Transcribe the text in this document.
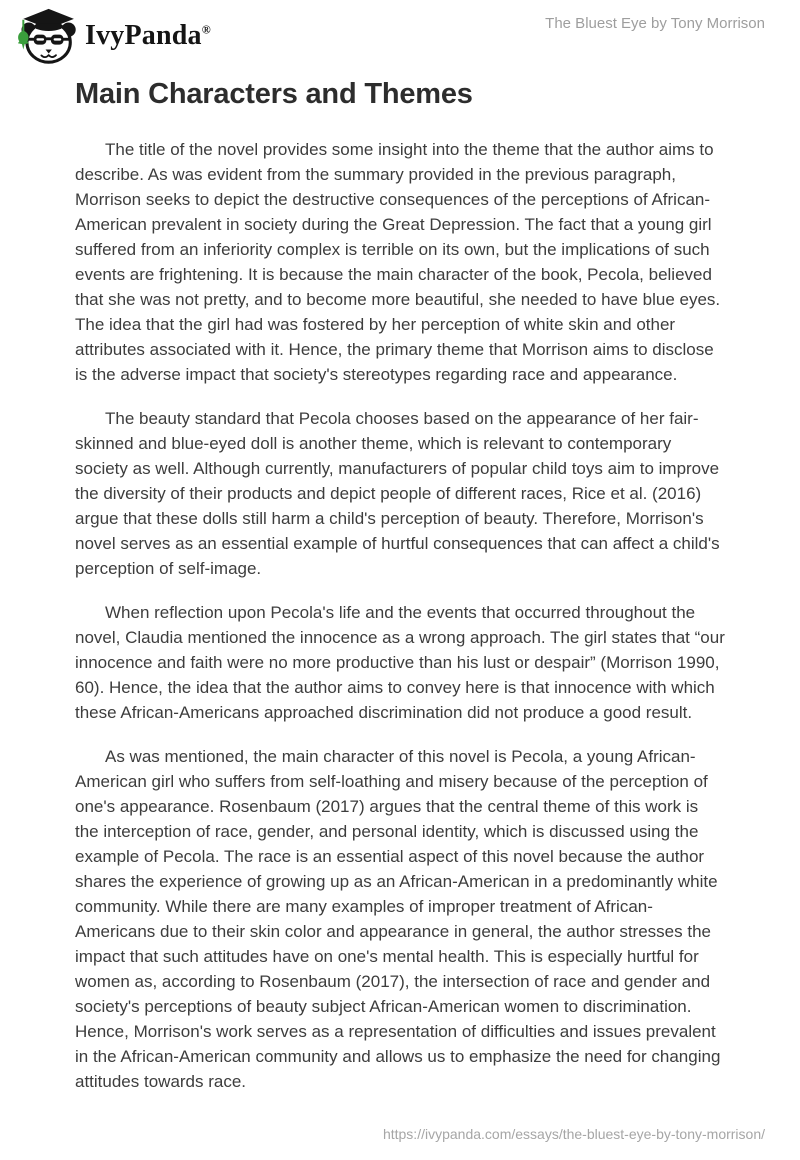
IvyPanda®	The Bluest Eye by Tony Morrison
Main Characters and Themes

The title of the novel provides some insight into the theme that the author aims to describe. As was evident from the summary provided in the previous paragraph, Morrison seeks to depict the destructive consequences of the perceptions of African-American prevalent in society during the Great Depression. The fact that a young girl suffered from an inferiority complex is terrible on its own, but the implications of such events are frightening. It is because the main character of the book, Pecola, believed that she was not pretty, and to become more beautiful, she needed to have blue eyes. The idea that the girl had was fostered by her perception of white skin and other attributes associated with it. Hence, the primary theme that Morrison aims to disclose is the adverse impact that society's stereotypes regarding race and appearance.

The beauty standard that Pecola chooses based on the appearance of her fair-skinned and blue-eyed doll is another theme, which is relevant to contemporary society as well. Although currently, manufacturers of popular child toys aim to improve the diversity of their products and depict people of different races, Rice et al. (2016) argue that these dolls still harm a child's perception of beauty. Therefore, Morrison's novel serves as an essential example of hurtful consequences that can affect a child's perception of self-image.

When reflection upon Pecola's life and the events that occurred throughout the novel, Claudia mentioned the innocence as a wrong approach. The girl states that “our innocence and faith were no more productive than his lust or despair” (Morrison 1990, 60). Hence, the idea that the author aims to convey here is that innocence with which these African-Americans approached discrimination did not produce a good result.

As was mentioned, the main character of this novel is Pecola, a young African-American girl who suffers from self-loathing and misery because of the perception of one's appearance. Rosenbaum (2017) argues that the central theme of this work is the interception of race, gender, and personal identity, which is discussed using the example of Pecola. The race is an essential aspect of this novel because the author shares the experience of growing up as an African-American in a predominantly white community. While there are many examples of improper treatment of African-Americans due to their skin color and appearance in general, the author stresses the impact that such attitudes have on one's mental health. This is especially hurtful for women as, according to Rosenbaum (2017), the intersection of race and gender and society's perceptions of beauty subject African-American women to discrimination. Hence, Morrison's work serves as a representation of difficulties and issues prevalent in the African-American community and allows us to emphasize the need for changing attitudes towards race.

https://ivypanda.com/essays/the-bluest-eye-by-tony-morrison/
